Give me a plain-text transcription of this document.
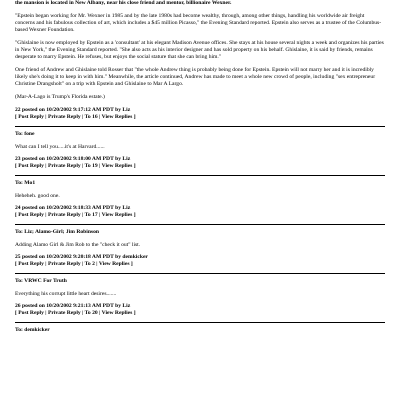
the mansion is located in New Albany, near his close friend and mentor, billionaire Wexner.

"Epstein began working for Mr. Wexner in 1985 and by the late 1980s had become wealthy, through, among other things, handling his worldwide air freight concerns and his fabulous collection of art, which includes a $45 million Picasso," the Evening Standard reported. Epstein also serves as a trustee of the Columbus-based Wexner Foundation.

"Ghislaine is now employed by Epstein as a 'consultant' at his elegant Madison Avenue offices. She stays at his house several nights a week and organizes his parties in New York," the Evening Standard reported. "She also acts as his interior designer and has sold property on his behalf. Ghislaine, it is said by friends, remains desperate to marry Epstein. He refuses, but enjoys the social stature that she can bring him."

One friend of Andrew and Ghislaine told Rosser that "the whole Andrew thing is probably being done for Epstein. Epstein will not marry her and it is incredibly likely she's doing it to keep in with him." Meanwhile, the article continued, Andrew has made to meet a whole new crowd of people, including "sex entrepreneur Christine Drangsholt" on a trip with Epstein and Ghislaine to Mar A Largo.

(Mar-A-Lago is Trump's Florida estate.)

22 posted on 10/20/2002 9:17:12 AM PDT by Liz

[ Post Reply | Private Reply | To 16 | View Replies ]

To: fone

What can I tell you.....it's at Harvard......

23 posted on 10/20/2002 9:18:00 AM PDT by Liz

[ Post Reply | Private Reply | To 19 | View Replies ]

To: Mo1

Heheheh. good one.

24 posted on 10/20/2002 9:18:33 AM PDT by Liz

[ Post Reply | Private Reply | To 17 | View Replies ]

To: Liz; Alamo-Girl; Jim Robinson

Adding Alamo Girl & Jim Rob to the "check it out" list.

25 posted on 10/20/2002 9:20:18 AM PDT by demkicker

[ Post Reply | Private Reply | To 2 | View Replies ]

To: VRWC For Truth

Everything his corrupt little heart desires.......

26 posted on 10/20/2002 9:21:13 AM PDT by Liz

[ Post Reply | Private Reply | To 20 | View Replies ]

To: demkicker
